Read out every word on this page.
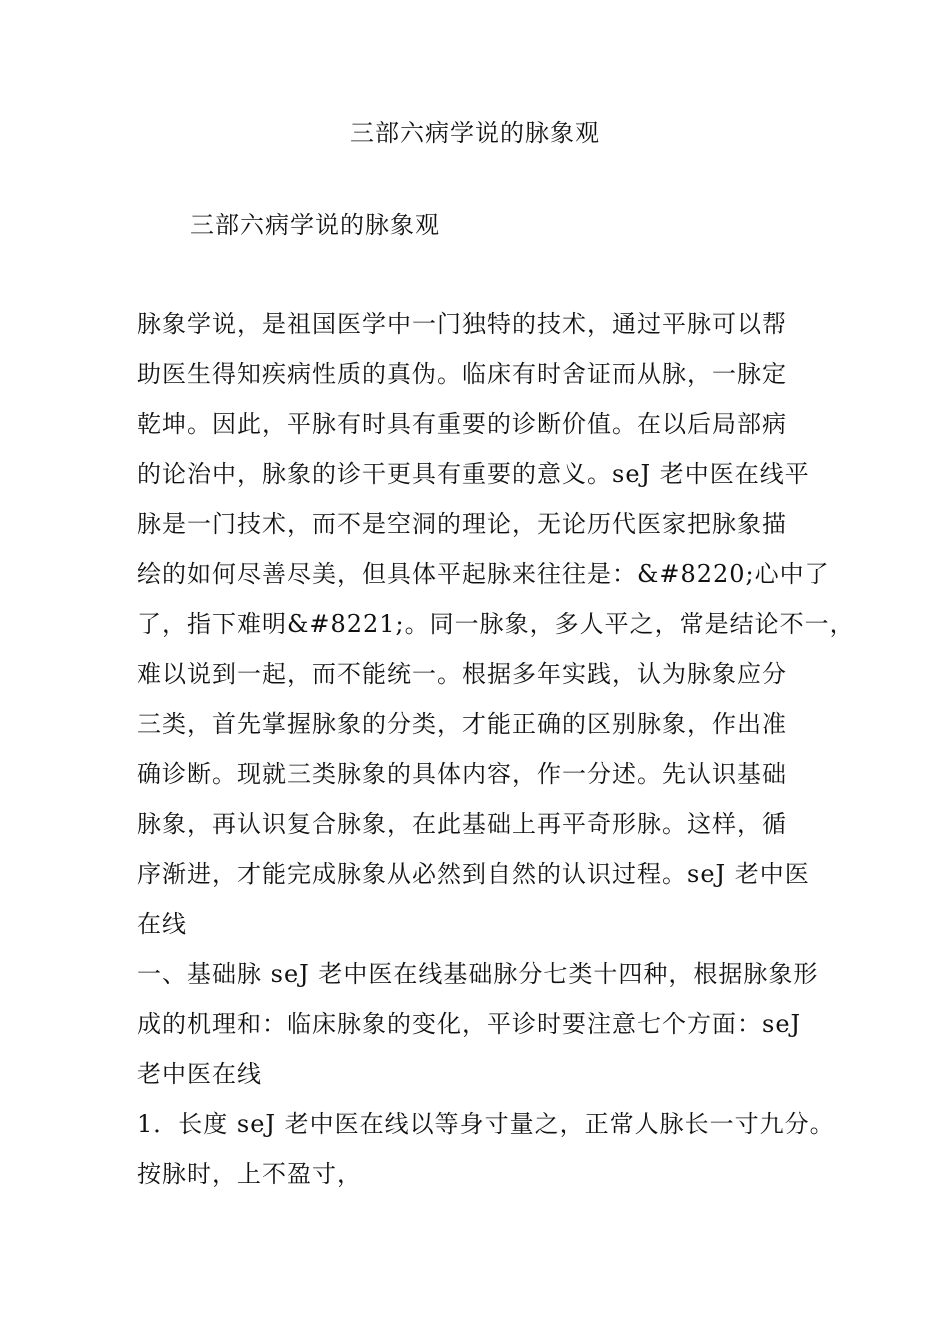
三部六病学说的脉象观
三部六病学说的脉象观
脉象学说，是祖国医学中一门独特的技术，通过平脉可以帮
助医生得知疾病性质的真伪。临床有时舍证而从脉，一脉定
乾坤。因此，平脉有时具有重要的诊断价值。在以后局部病
的论治中，脉象的诊干更具有重要的意义。seJ 老中医在线平
脉是一门技术，而不是空洞的理论，无论历代医家把脉象描
绘的如何尽善尽美，但具体平起脉来往往是：&#8220;心中了
了，指下难明&#8221;。同一脉象，多人平之，常是结论不一，
难以说到一起，而不能统一。根据多年实践，认为脉象应分
三类，首先掌握脉象的分类，才能正确的区别脉象，作出准
确诊断。现就三类脉象的具体内容，作一分述。先认识基础
脉象，再认识复合脉象，在此基础上再平奇形脉。这样，循
序渐进，才能完成脉象从必然到自然的认识过程。seJ 老中医
在线
一、基础脉 seJ 老中医在线基础脉分七类十四种，根据脉象形
成的机理和：临床脉象的变化，平诊时要注意七个方面：seJ
老中医在线
1．长度 seJ 老中医在线以等身寸量之，正常人脉长一寸九分。
按脉时，上不盈寸，
